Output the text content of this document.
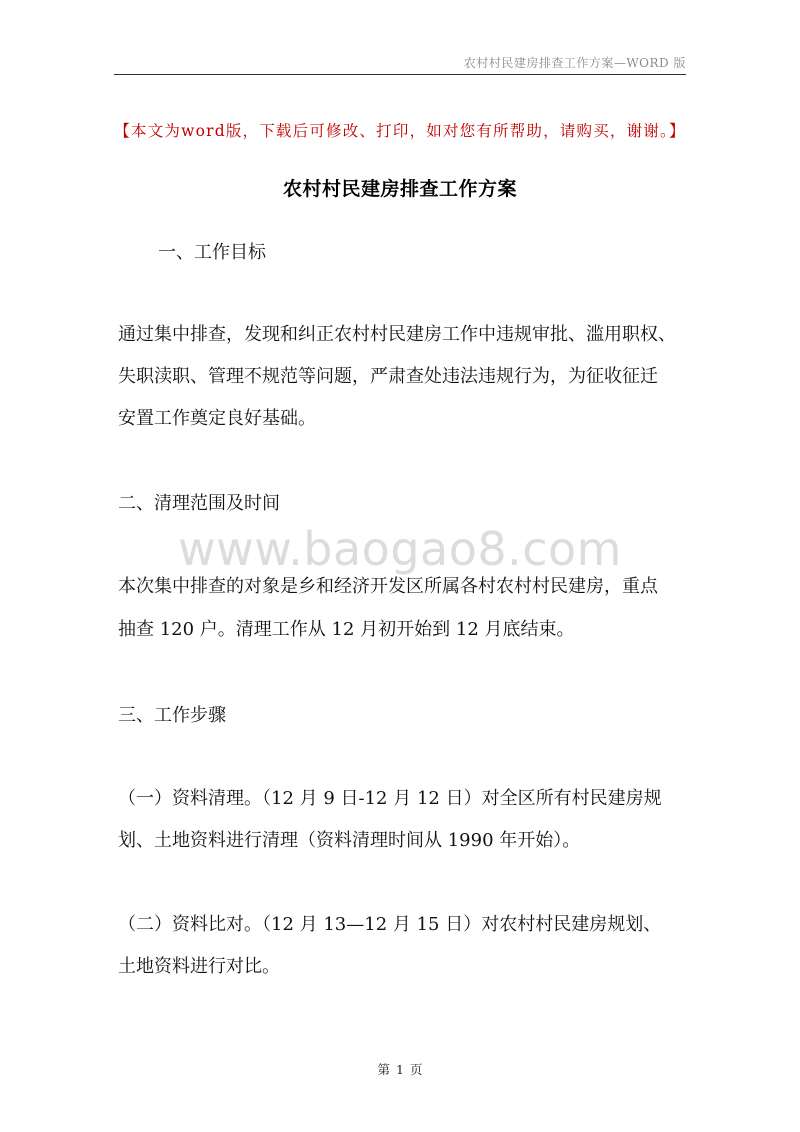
农村村民建房排查工作方案—WORD 版
【本文为word版，下载后可修改、打印，如对您有所帮助，请购买，谢谢。】
农村村民建房排查工作方案
一、工作目标
通过集中排查，发现和纠正农村村民建房工作中违规审批、滥用职权、
失职渎职、管理不规范等问题，严肃查处违法违规行为，为征收征迁
安置工作奠定良好基础。
二、清理范围及时间
www.baogao8.com
本次集中排查的对象是乡和经济开发区所属各村农村村民建房，重点
抽查 120 户。清理工作从 12 月初开始到 12 月底结束。
三、工作步骤
（一）资料清理。（12 月 9 日-12 月 12 日）对全区所有村民建房规
划、土地资料进行清理（资料清理时间从 1990 年开始）。
（二）资料比对。（12 月 13—12 月 15 日）对农村村民建房规划、
土地资料进行对比。
第 1 页
